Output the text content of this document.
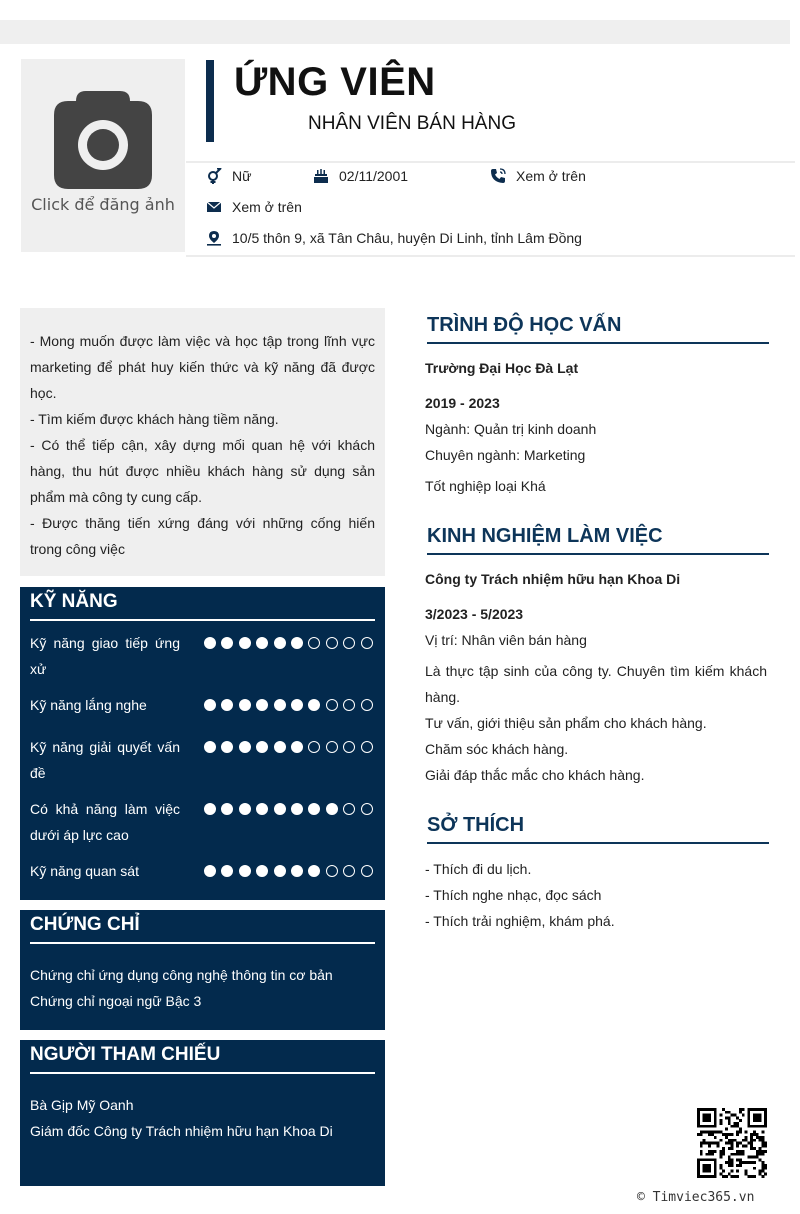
Click để đăng ảnh
ỨNG VIÊN
NHÂN VIÊN BÁN HÀNG
Nữ	02/11/2001	Xem ở trên
Xem ở trên
10/5 thôn 9, xã Tân Châu, huyện Di Linh, tỉnh Lâm Đồng

- Mong muốn được làm việc và học tập trong lĩnh vực marketing để phát huy kiến thức và kỹ năng đã được học.

- Tìm kiếm được khách hàng tiềm năng.

- Có thể tiếp cận, xây dựng mối quan hệ với khách hàng, thu hút được nhiều khách hàng sử dụng sản phẩm mà công ty cung cấp.

- Được thăng tiến xứng đáng với những cống hiến trong công việc

KỸ NĂNG
Kỹ năng giao tiếp ứng xử
Kỹ năng lắng nghe
Kỹ năng giải quyết vấn đề
Có khả năng làm việc dưới áp lực cao
Kỹ năng quan sát
CHỨNG CHỈ
Chứng chỉ ứng dụng công nghệ thông tin cơ bản
Chứng chỉ ngoại ngữ Bậc 3
NGƯỜI THAM CHIẾU
Bà Gịp Mỹ Oanh
Giám đốc Công ty Trách nhiệm hữu hạn Khoa Di
TRÌNH ĐỘ HỌC VẤN
Trường Đại Học Đà Lạt
2019 - 2023
Ngành: Quản trị kinh doanh
Chuyên ngành: Marketing
Tốt nghiệp loại Khá
KINH NGHIỆM LÀM VIỆC
Công ty Trách nhiệm hữu hạn Khoa Di
3/2023 - 5/2023
Vị trí: Nhân viên bán hàng
Là thực tập sinh của công ty. Chuyên tìm kiếm khách hàng.
Tư vấn, giới thiệu sản phẩm cho khách hàng.
Chăm sóc khách hàng.
Giải đáp thắc mắc cho khách hàng.
SỞ THÍCH
- Thích đi du lịch.
- Thích nghe nhạc, đọc sách
- Thích trải nghiệm, khám phá.
© Timviec365.vn
